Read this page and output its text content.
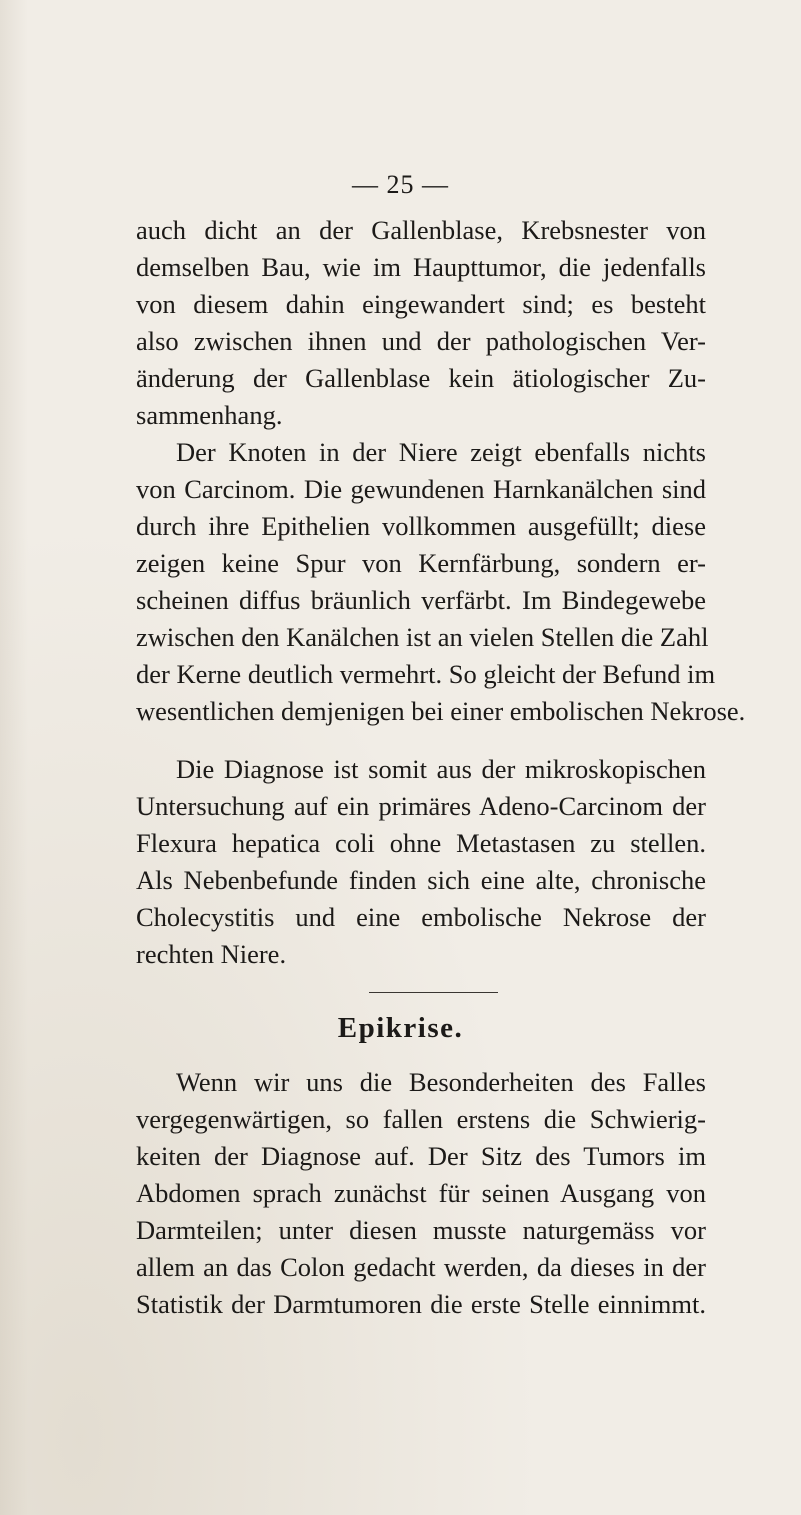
— 25 —
auch dicht an der Gallenblase, Krebsnester von
demselben Bau, wie im Haupttumor, die jedenfalls
von diesem dahin eingewandert sind; es besteht
also zwischen ihnen und der pathologischen Ver-
änderung der Gallenblase kein ätiologischer Zu-
sammenhang.
Der Knoten in der Niere zeigt ebenfalls nichts
von Carcinom. Die gewundenen Harnkanälchen sind
durch ihre Epithelien vollkommen ausgefüllt; diese
zeigen keine Spur von Kernfärbung, sondern er-
scheinen diffus bräunlich verfärbt. Im Bindegewebe
zwischen den Kanälchen ist an vielen Stellen die Zahl
der Kerne deutlich vermehrt. So gleicht der Befund im
wesentlichen demjenigen bei einer embolischen Nekrose.
Die Diagnose ist somit aus der mikroskopischen
Untersuchung auf ein primäres Adeno-Carcinom der
Flexura hepatica coli ohne Metastasen zu stellen.
Als Nebenbefunde finden sich eine alte, chronische
Cholecystitis und eine embolische Nekrose der
rechten Niere.
Epikrise.
Wenn wir uns die Besonderheiten des Falles
vergegenwärtigen, so fallen erstens die Schwierig-
keiten der Diagnose auf. Der Sitz des Tumors im
Abdomen sprach zunächst für seinen Ausgang von
Darmteilen; unter diesen musste naturgemäss vor
allem an das Colon gedacht werden, da dieses in der
Statistik der Darmtumoren die erste Stelle einnimmt.
